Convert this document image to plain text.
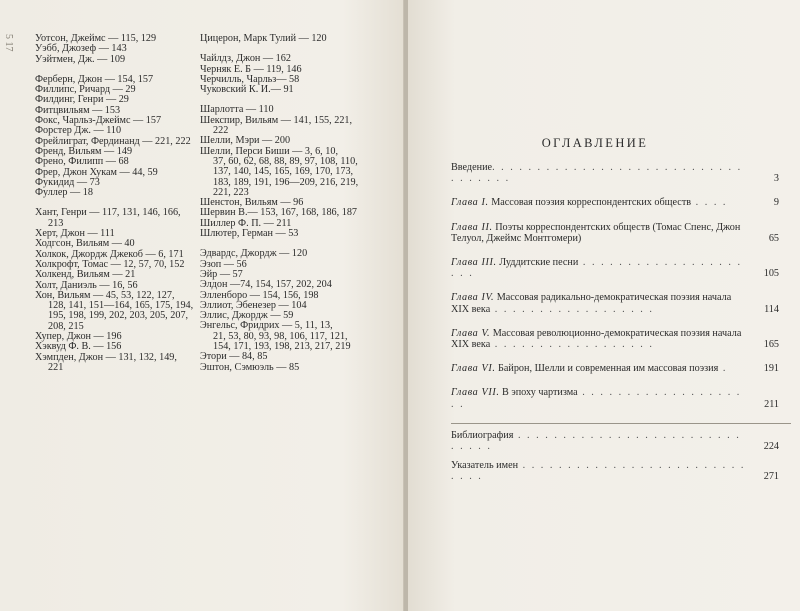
5 17 Уотсон, Джеймс — 115, 129
Уэбб, Джозеф — 143
Уэйтмен, Дж. — 109
Ферберн, Джон — 154, 157
Филлипс, Ричард — 29
Филдинг, Генри — 29
Фитцвильям — 153
Фокс, Чарльз-Джеймс — 157
Форстер Дж. — 110
Фрейлиграт, Фердинанд — 221, 222
Френд, Вильям — 149
Френо, Филипп — 68
Фрер, Джон Хукам — 44, 59
Фукидид — 73
Фуллер — 18
Хант, Генри — 117, 131, 146, 166,
213
Херт, Джон — 111
Ходгсон, Вильям — 40
Холкок, Джордж Джекоб — 6, 171
Холкрофт, Томас — 12, 57, 70, 152
Холкенд, Вильям — 21
Холт, Даниэль — 16, 56
Хон, Вильям — 45, 53, 122, 127,
128, 141, 151—164, 165, 175, 194, 195, 198, 199, 202, 203, 205, 207, 208, 215
Хупер, Джон — 196
Хэквуд Ф. В. — 156
Хэмпден, Джон — 131, 132, 149,
221
Цицерон, Марк Тулий — 120
Чайлдз, Джон — 162
Черняк Е. Б — 119, 146
Черчилль, Чарльз— 58
Чуковский К. И.— 91
Шарлотта — 110
Шекспир, Вильям — 141, 155, 221,
222
Шелли, Мэри — 200
Шелли, Перси Биши — 3, 6, 10,
37, 60, 62, 68, 88, 89, 97, 108, 110, 137, 140, 145, 165, 169, 170, 173, 183, 189, 191, 196—209, 216, 219, 221, 223
Шенстон, Вильям — 96
Шервин В.— 153, 167, 168, 186, 187
Шиллер Ф. П. — 211
Шлютер, Герман — 53
Эдвардс, Джордж — 120
Эзоп — 56
Эйр — 57
Элдон —74, 154, 157, 202, 204
Элленборо — 154, 156, 198
Эллиот, Эбенезер — 104
Эллис, Джордж — 59
Энгельс, Фридрих — 5, 11, 13,
21, 53, 80, 93, 98, 106, 117, 121, 154, 171, 193, 198, 213, 217, 219
Этори — 84, 85
Эштон, Сэмюэль — 85
ОГЛАВЛЕНИЕ
Введение. . . . . . . . . . . . . . . . . . . . . . . . . . . . . . . . . . .	3
Глава I. Массовая поэзия корреспондентских обществ . . . .	9
Глава II. Поэты корреспондентских обществ (Томас Спенс, Джон Телуол, Джеймс Монтгомери)	65
Глава III. Луддитские песни . . . . . . . . . . . . . . . . . . . . .	105
Глава IV. Массовая радикально-демократическая поэзия начала XIX века . . . . . . . . . . . . . . . . . .	114
Глава V. Массовая революционно-демократическая поэзия начала XIX века . . . . . . . . . . . . . . . . . .	165
Глава VI. Байрон, Шелли и современная им массовая поэзия .	191
Глава VII. В эпоху чартизма . . . . . . . . . . . . . . . . . . . .	211
Библиография . . . . . . . . . . . . . . . . . . . . . . . . . . . . . .	224
Указатель имен . . . . . . . . . . . . . . . . . . . . . . . . . . . . .	271
